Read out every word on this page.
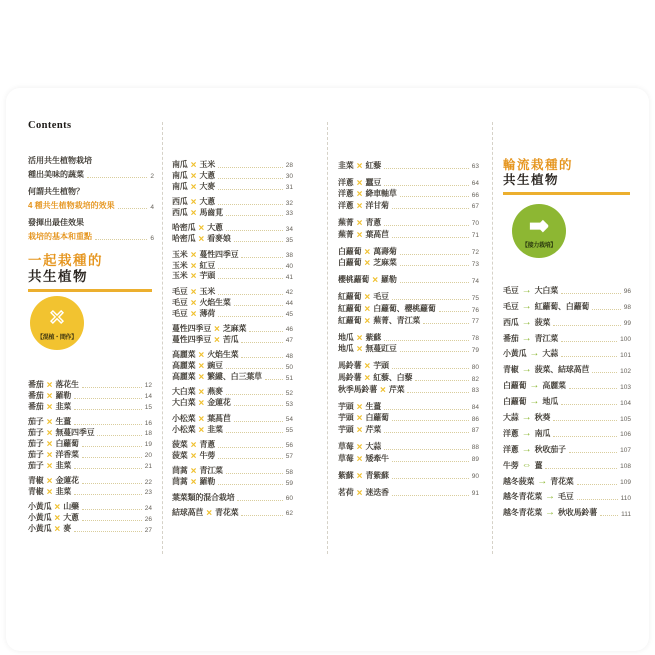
Contents
活用共生植物栽培
種出美味的蔬菜	2
何謂共生植物？
4 種共生植物栽培的效果	4
發揮出最佳效果
栽培的基本和重點	6
一起栽種的
共生植物
×
【混植・間作】
番茄 × 落花生	12
番茄 × 羅勒	14
番茄 × 韭菜	15
茄子 × 生薑	16
茄子 × 無蔓四季豆	18
茄子 × 白蘿蔔	19
茄子 × 洋香菜	20
茄子 × 韭菜	21
青椒 × 金蓮花	22
青椒 × 韭菜	23
小黃瓜 × 山藥	24
小黃瓜 × 大蔥	26
小黃瓜 × 麥	27
南瓜 × 玉米	28
南瓜 × 大蔥	30
南瓜 × 大麥	31
西瓜 × 大蔥	32
西瓜 × 馬齒莧	33
哈密瓜 × 大蔥	34
哈密瓜 × 看麥娘	35
玉米 × 蔓性四季豆	38
玉米 × 紅豆	40
玉米 × 芋頭	41
毛豆 × 玉米	42
毛豆 × 火焰生菜	44
毛豆 × 薄荷	45
蔓性四季豆 × 芝麻菜	46
蔓性四季豆 × 苦瓜	47
高麗菜 × 火焰生菜	48
高麗菜 × 豌豆	50
高麗菜 × 繁縷、白三葉草	51
大白菜 × 燕麥	52
大白菜 × 金蓮花	53
小松菜 × 葉萵苣	54
小松菜 × 韭菜	55
菠菜 × 青蔥	56
菠菜 × 牛蒡	57
茼蒿 × 青江菜	58
茼蒿 × 羅勒	59
葉菜類的混合栽培	60
結球萵苣 × 青花菜	62
韭菜 × 紅藜	63
洋蔥 × 蠶豆	64
洋蔥 × 絳車軸草	66
洋蔥 × 洋甘菊	67
蕪菁 × 青蔥	70
蕪菁 × 葉萵苣	71
白蘿蔔 × 萬壽菊	72
白蘿蔔 × 芝麻菜	73
櫻桃蘿蔔 × 羅勒	74
紅蘿蔔 × 毛豆	75
紅蘿蔔 × 白蘿蔔、櫻桃蘿蔔	76
紅蘿蔔 × 蕪菁、青江菜	77
地瓜 × 紫蘇	78
地瓜 × 無蔓豇豆	79
馬鈴薯 × 芋頭	80
馬鈴薯 × 紅藜、白藜	82
秋季馬鈴薯 × 芹菜	83
芋頭 × 生薑	84
芋頭 × 白蘿蔔	86
芋頭 × 芹菜	87
草莓 × 大蒜	88
草莓 × 矮牽牛	89
紫蘇 × 青紫蘇	90
茗荷 × 迷迭香	91
輪流栽種的
共生植物
⇒
【接力栽培】
毛豆 → 大白菜	96
毛豆 → 紅蘿蔔、白蘿蔔	98
西瓜 → 菠菜	99
番茄 → 青江菜	100
小黃瓜 → 大蒜	101
青椒 → 菠菜、結球萵苣	102
白蘿蔔 → 高麗菜	103
白蘿蔔 → 地瓜	104
大蒜 → 秋葵	105
洋蔥 → 南瓜	106
洋蔥 → 秋收茄子	107
牛蒡 ⇔ 薑	108
越冬菠菜 → 青花菜	109
越冬青花菜 → 毛豆	110
越冬青花菜 → 秋收馬鈴薯	111
